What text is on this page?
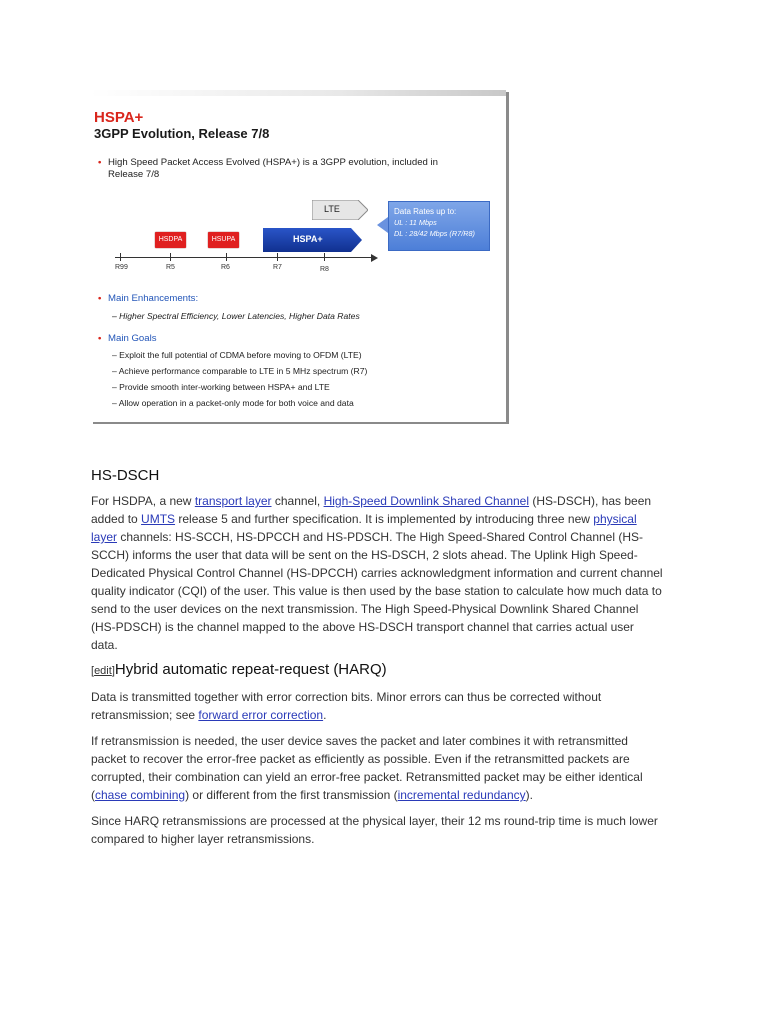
HSPA+
3GPP Evolution, Release 7/8
• High Speed Packet Access Evolved (HSPA+) is a 3GPP evolution, included in
Release 7/8
LTE
HSDPA	HSUPA	HSPA+
R99	R5	R6	R7	R8
Data Rates up to:
UL : 11 Mbps
DL : 28/42 Mbps (R7/R8)
• Main Enhancements:
– Higher Spectral Efficiency, Lower Latencies, Higher Data Rates
• Main Goals
– Exploit the full potential of CDMA before moving to OFDM (LTE)
– Achieve performance comparable to LTE in 5 MHz spectrum (R7)
– Provide smooth inter-working between HSPA+ and LTE
– Allow operation in a packet-only mode for both voice and data
HS-DSCH
For HSDPA, a new transport layer channel, High-Speed Downlink Shared Channel (HS-DSCH), has been
added to UMTS release 5 and further specification. It is implemented by introducing three new physical
layer channels: HS-SCCH, HS-DPCCH and HS-PDSCH. The High Speed-Shared Control Channel (HS-
SCCH) informs the user that data will be sent on the HS-DSCH, 2 slots ahead. The Uplink High Speed-
Dedicated Physical Control Channel (HS-DPCCH) carries acknowledgment information and current channel
quality indicator (CQI) of the user. This value is then used by the base station to calculate how much data to
send to the user devices on the next transmission. The High Speed-Physical Downlink Shared Channel
(HS-PDSCH) is the channel mapped to the above HS-DSCH transport channel that carries actual user
data.
[edit]Hybrid automatic repeat-request (HARQ)
Data is transmitted together with error correction bits. Minor errors can thus be corrected without
retransmission; see forward error correction.
If retransmission is needed, the user device saves the packet and later combines it with retransmitted
packet to recover the error-free packet as efficiently as possible. Even if the retransmitted packets are
corrupted, their combination can yield an error-free packet. Retransmitted packet may be either identical
(chase combining) or different from the first transmission (incremental redundancy).
Since HARQ retransmissions are processed at the physical layer, their 12 ms round-trip time is much lower
compared to higher layer retransmissions.
